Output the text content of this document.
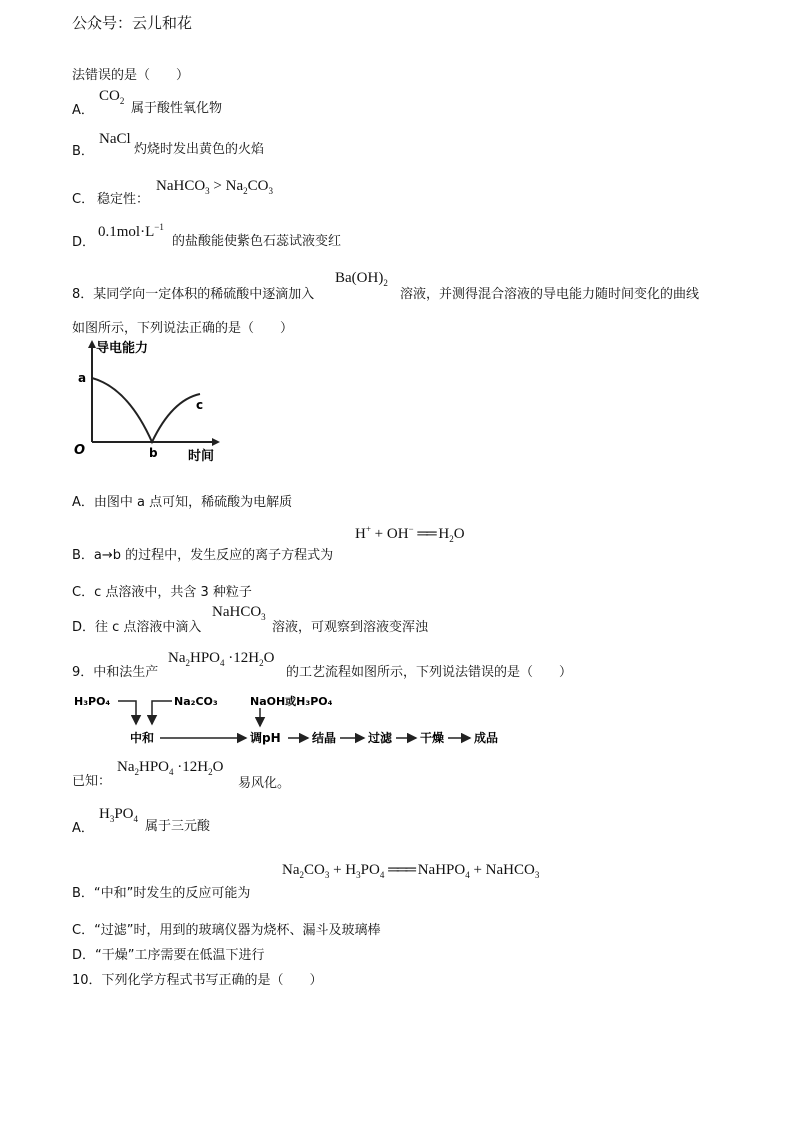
公众号：云儿和花
法错误的是（　　）
A．
$CO_2$ 属于酸性氧化物
B．
NaCl
灼烧时发出黄色的火焰
C． 稳定性：
NaHCO$_3$ > $Na_2CO_3$
D．
$0.1mol\cdot L^{-1}$
的盐酸能使紫色石蕊试液变红
8．某同学向一定体积的稀硫酸中逐滴加入
$Ba(OH)_2$
溶液，并测得混合溶液的导电能力随时间变化的曲线
如图所示，下列说法正确的是（　　）
导电能力
时间
O
a
b
c
A．由图中 a 点可知，稀硫酸为电解质
H+ + OH− ══ $H_2O$
B．a→b 的过程中，发生反应的离子方程式为
C．c 点溶液中，共含 3 种粒子
D．往 c 点溶液中滴入
NaHCO$_3$
溶液，可观察到溶液变浑浊
9．中和法生产
$Na_2HPO_4 \cdot 12H_2O$
的工艺流程如图所示，下列说法错误的是（　　）
H₃PO₄	Na₂CO₃	NaOH或H₃PO₄
中和	调pH	结晶	过滤 干燥 成品
已知：
$Na_2HPO_4 \cdot 12H_2O$
易风化。
A．
$H_3PO_4$ 属于三元酸
$Na_2CO_3 + H_3PO_4$ ═══ NaHPO$_4$ + NaHCO$_3$
B．“中和”时发生的反应可能为
C．“过滤”时，用到的玻璃仪器为烧杯、漏斗及玻璃棒
D．“干燥”工序需要在低温下进行
10．下列化学方程式书写正确的是（　　）
